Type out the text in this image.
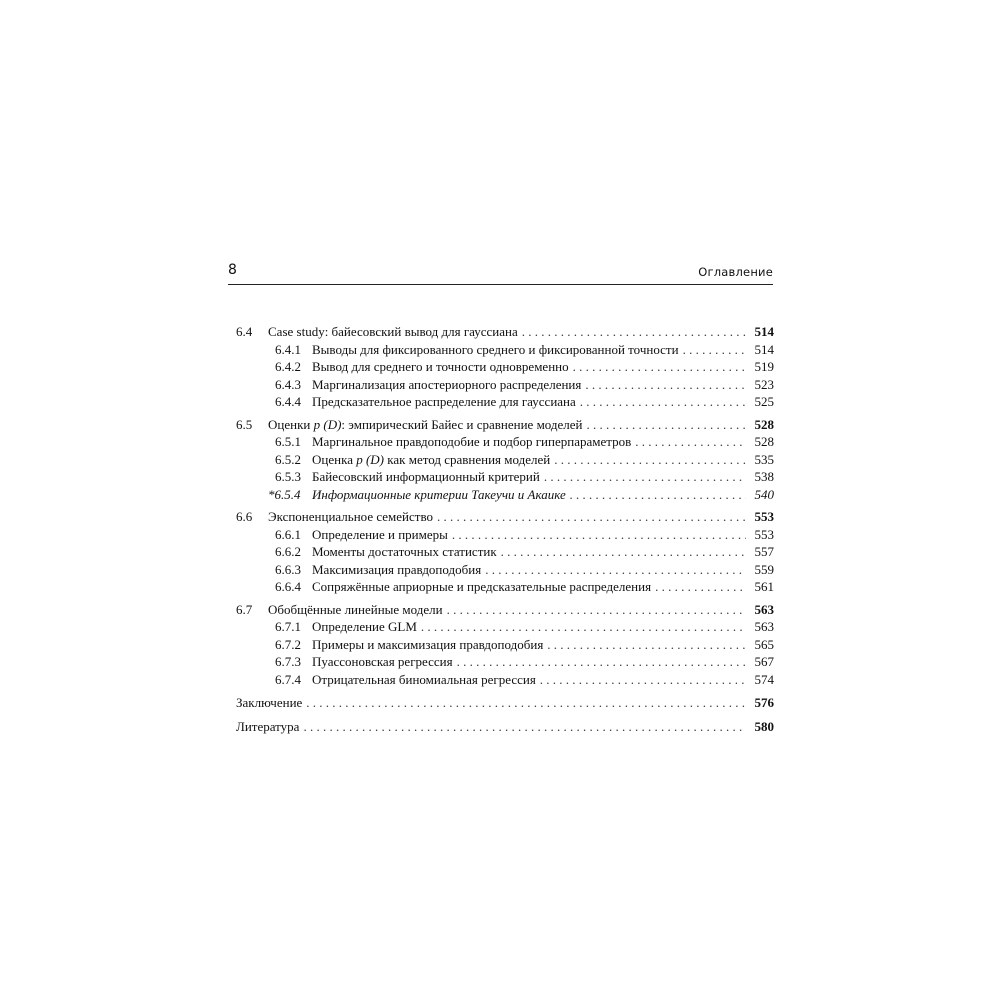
8	Оглавление
6.4	Case study: байесовский вывод для гауссиана . . .	514
6.4.1 Выводы для фиксированного среднего и фиксированной точности . . .	514
6.4.2 Вывод для среднего и точности одновременно . . .	519
6.4.3 Маргинализация апостериорного распределения . . .	523
6.4.4 Предсказательное распределение для гауссиана . . .	525
6.5	Оценки p (D): эмпирический Байес и сравнение моделей . . .	528
6.5.1 Маргинальное правдоподобие и подбор гиперпараметров . . .	528
6.5.2 Оценка p (D) как метод сравнения моделей . . .	535
6.5.3 Байесовский информационный критерий . . .	538
*6.5.4 Информационные критерии Такеучи и Акаике . . .	540
6.6	Экспоненциальное семейство . . .	553
6.6.1 Определение и примеры . . .	553
6.6.2 Моменты достаточных статистик . . .	557
6.6.3 Максимизация правдоподобия . . .	559
6.6.4 Сопряжённые априорные и предсказательные распределения . . .	561
6.7	Обобщённые линейные модели . . .	563
6.7.1 Определение GLM . . .	563
6.7.2 Примеры и максимизация правдоподобия . . .	565
6.7.3 Пуассоновская регрессия . . .	567
6.7.4 Отрицательная биномиальная регрессия . . .	574
Заключение . . .	576
Литература . . .	580
